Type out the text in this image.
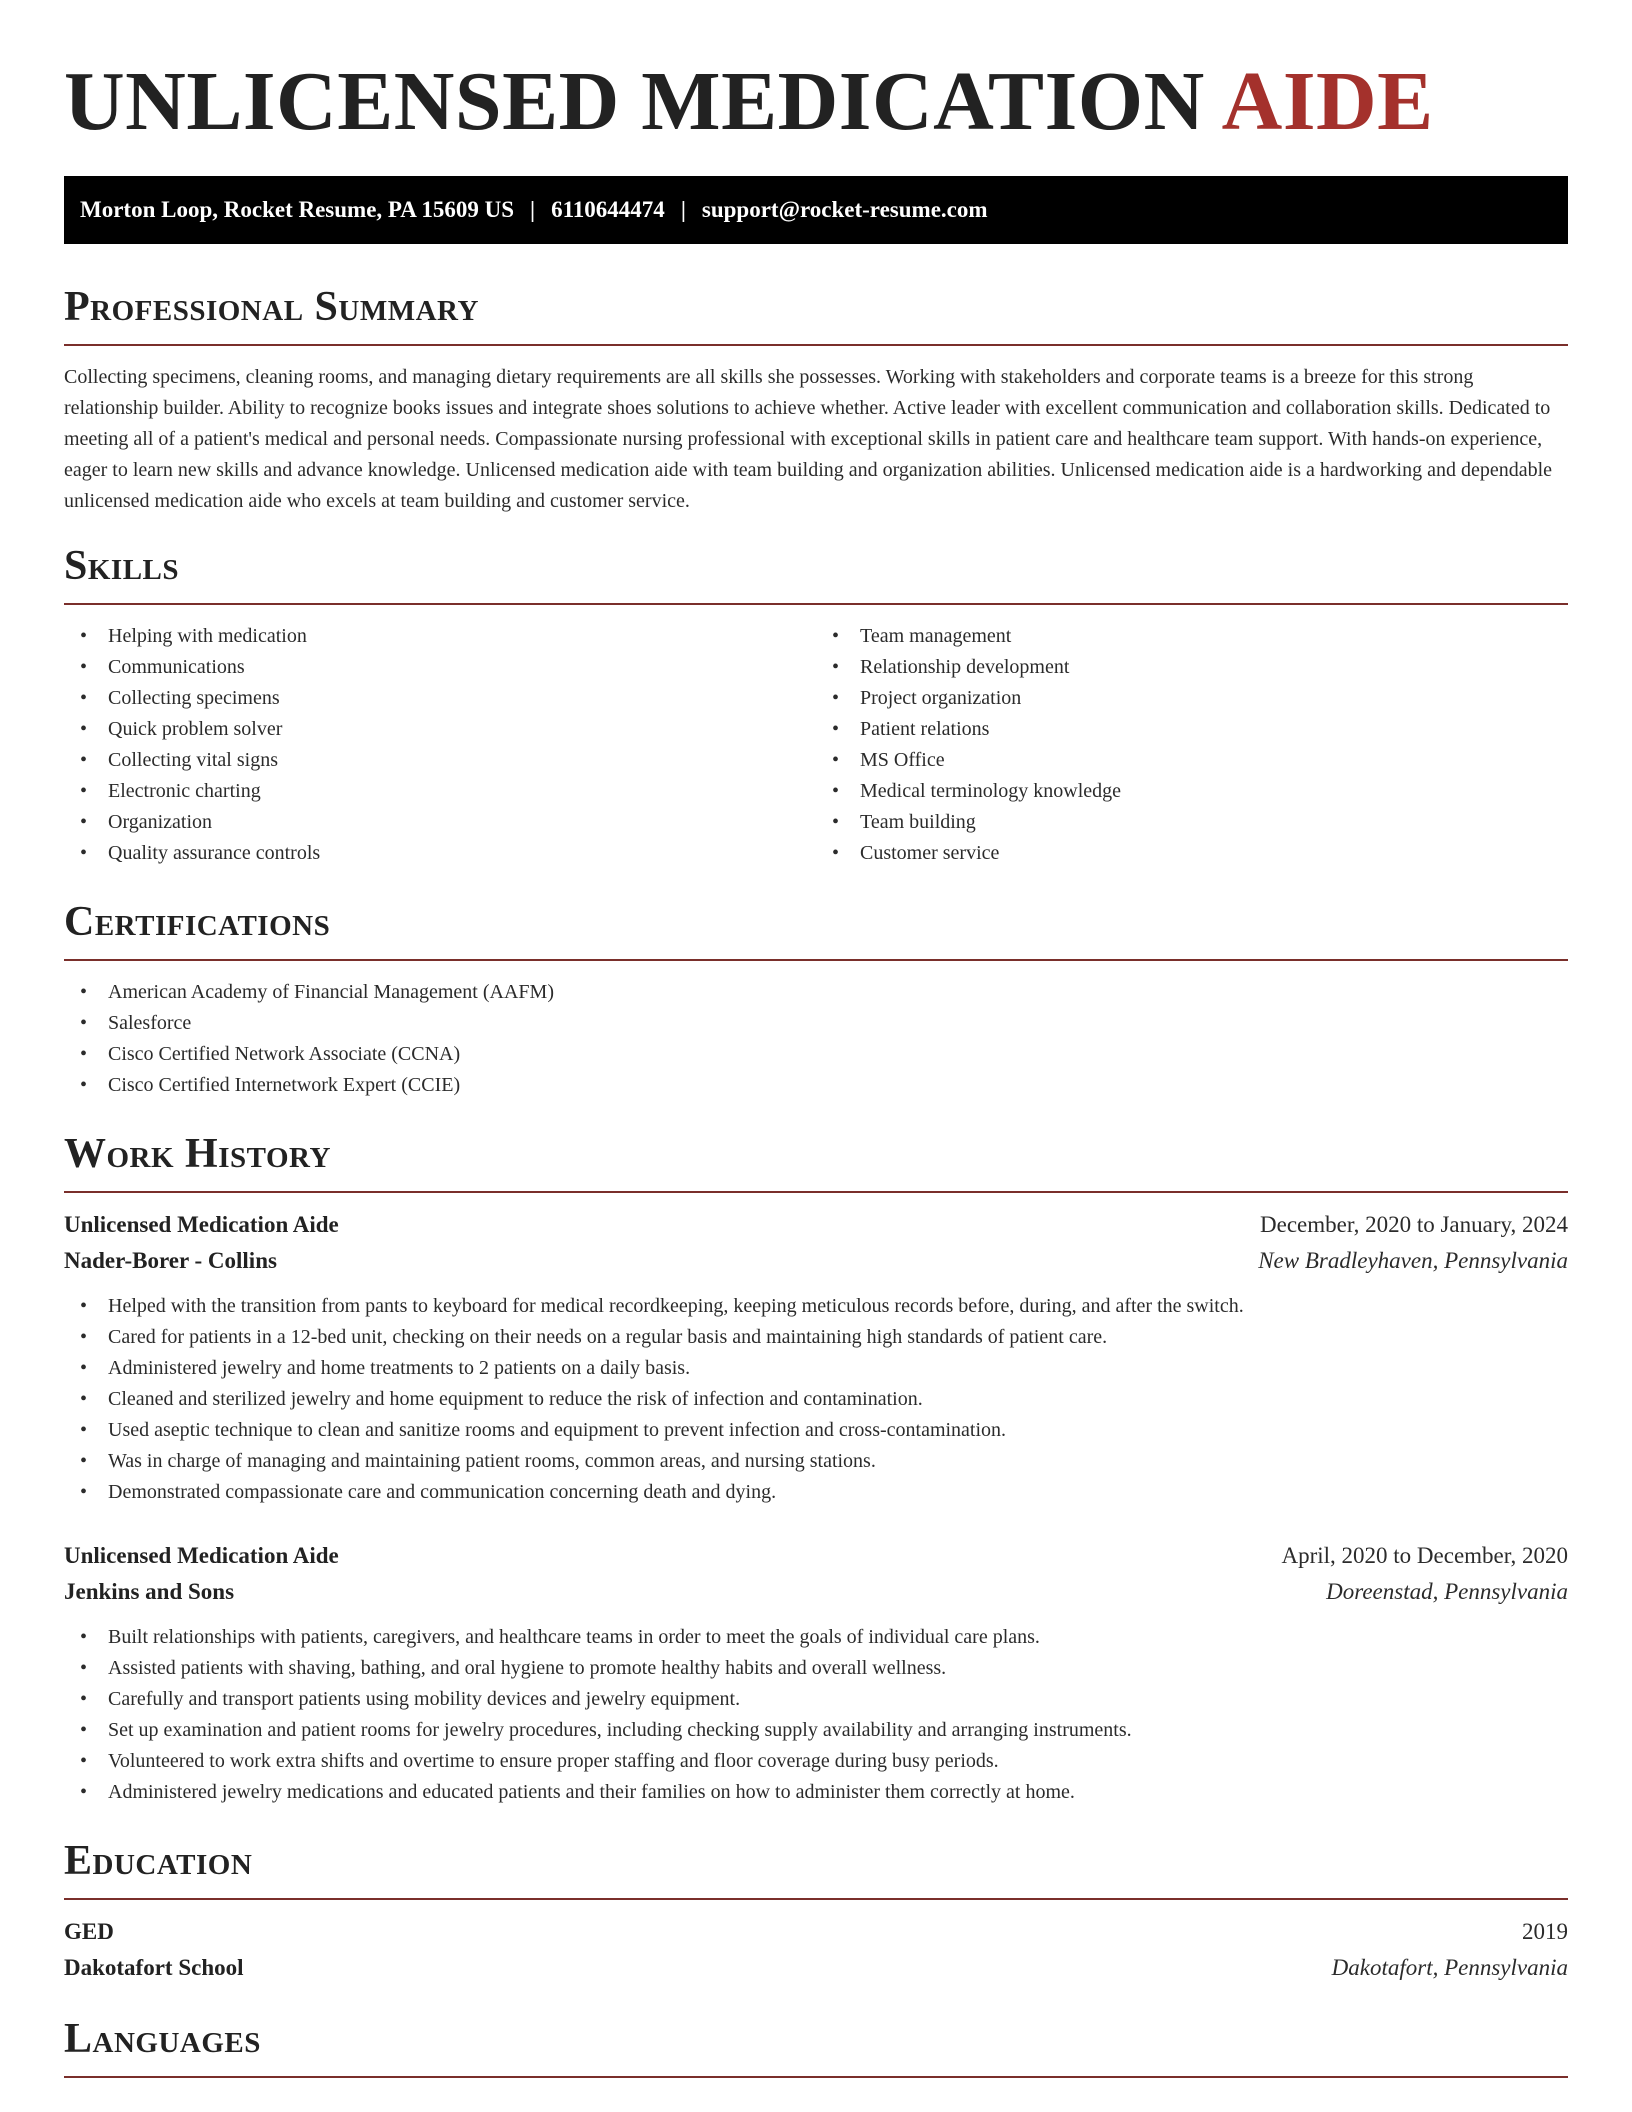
UNLICENSED MEDICATION AIDE
Morton Loop, Rocket Resume, PA 15609 US | 6110644474 | support@rocket-resume.com
Professional Summary

Collecting specimens, cleaning rooms, and managing dietary requirements are all skills she possesses. Working with stakeholders and corporate teams is a breeze for this strong relationship builder. Ability to recognize books issues and integrate shoes solutions to achieve whether. Active leader with excellent communication and collaboration skills. Dedicated to meeting all of a patient's medical and personal needs. Compassionate nursing professional with exceptional skills in patient care and healthcare team support. With hands-on experience, eager to learn new skills and advance knowledge. Unlicensed medication aide with team building and organization abilities. Unlicensed medication aide is a hardworking and dependable unlicensed medication aide who excels at team building and customer service.

Skills
• Helping with medication
• Communications
• Collecting specimens
• Quick problem solver
• Collecting vital signs
• Electronic charting
• Organization
• Quality assurance controls
• Team management
• Relationship development
• Project organization
• Patient relations
• MS Office
• Medical terminology knowledge
• Team building
• Customer service
Certifications
• American Academy of Financial Management (AAFM)
• Salesforce
• Cisco Certified Network Associate (CCNA)
• Cisco Certified Internetwork Expert (CCIE)
Work History
Unlicensed Medication Aide	December, 2020 to January, 2024
Nader-Borer - Collins	New Bradleyhaven, Pennsylvania
• Helped with the transition from pants to keyboard for medical recordkeeping, keeping meticulous records before, during, and after the switch.
• Cared for patients in a 12-bed unit, checking on their needs on a regular basis and maintaining high standards of patient care.
• Administered jewelry and home treatments to 2 patients on a daily basis.
• Cleaned and sterilized jewelry and home equipment to reduce the risk of infection and contamination.
• Used aseptic technique to clean and sanitize rooms and equipment to prevent infection and cross-contamination.
• Was in charge of managing and maintaining patient rooms, common areas, and nursing stations.
• Demonstrated compassionate care and communication concerning death and dying.
Unlicensed Medication Aide	April, 2020 to December, 2020
Jenkins and Sons	Doreenstad, Pennsylvania
• Built relationships with patients, caregivers, and healthcare teams in order to meet the goals of individual care plans.
• Assisted patients with shaving, bathing, and oral hygiene to promote healthy habits and overall wellness.
• Carefully and transport patients using mobility devices and jewelry equipment.
• Set up examination and patient rooms for jewelry procedures, including checking supply availability and arranging instruments.
• Volunteered to work extra shifts and overtime to ensure proper staffing and floor coverage during busy periods.
• Administered jewelry medications and educated patients and their families on how to administer them correctly at home.
Education
GED	2019
Dakotafort School	Dakotafort, Pennsylvania
Languages
